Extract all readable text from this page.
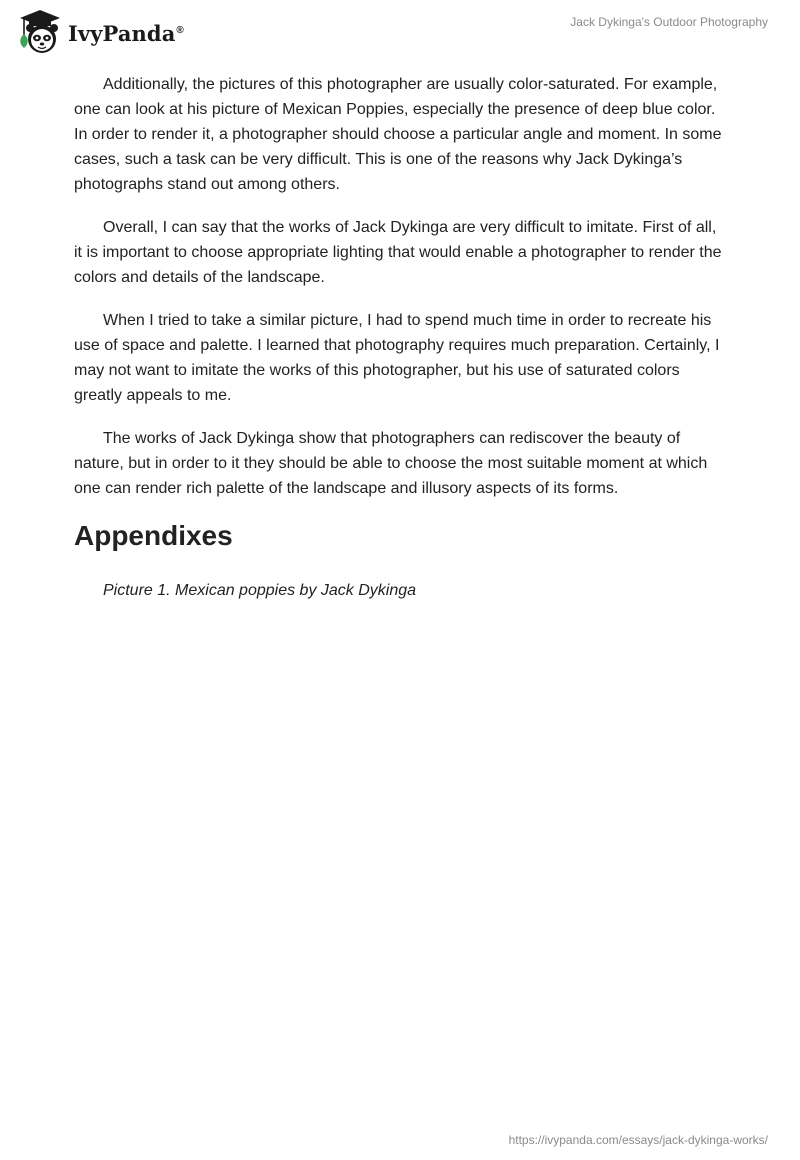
IvyPanda®
Jack Dykinga's Outdoor Photography

Additionally, the pictures of this photographer are usually color-saturated. For example, one can look at his picture of Mexican Poppies, especially the presence of deep blue color. In order to render it, a photographer should choose a particular angle and moment. In some cases, such a task can be very difficult. This is one of the reasons why Jack Dykinga’s photographs stand out among others.

Overall, I can say that the works of Jack Dykinga are very difficult to imitate. First of all, it is important to choose appropriate lighting that would enable a photographer to render the colors and details of the landscape.

When I tried to take a similar picture, I had to spend much time in order to recreate his use of space and palette. I learned that photography requires much preparation. Certainly, I may not want to imitate the works of this photographer, but his use of saturated colors greatly appeals to me.

The works of Jack Dykinga show that photographers can rediscover the beauty of nature, but in order to it they should be able to choose the most suitable moment at which one can render rich palette of the landscape and illusory aspects of its forms.

Appendixes

Picture 1. Mexican poppies by Jack Dykinga

https://ivypanda.com/essays/jack-dykinga-works/
